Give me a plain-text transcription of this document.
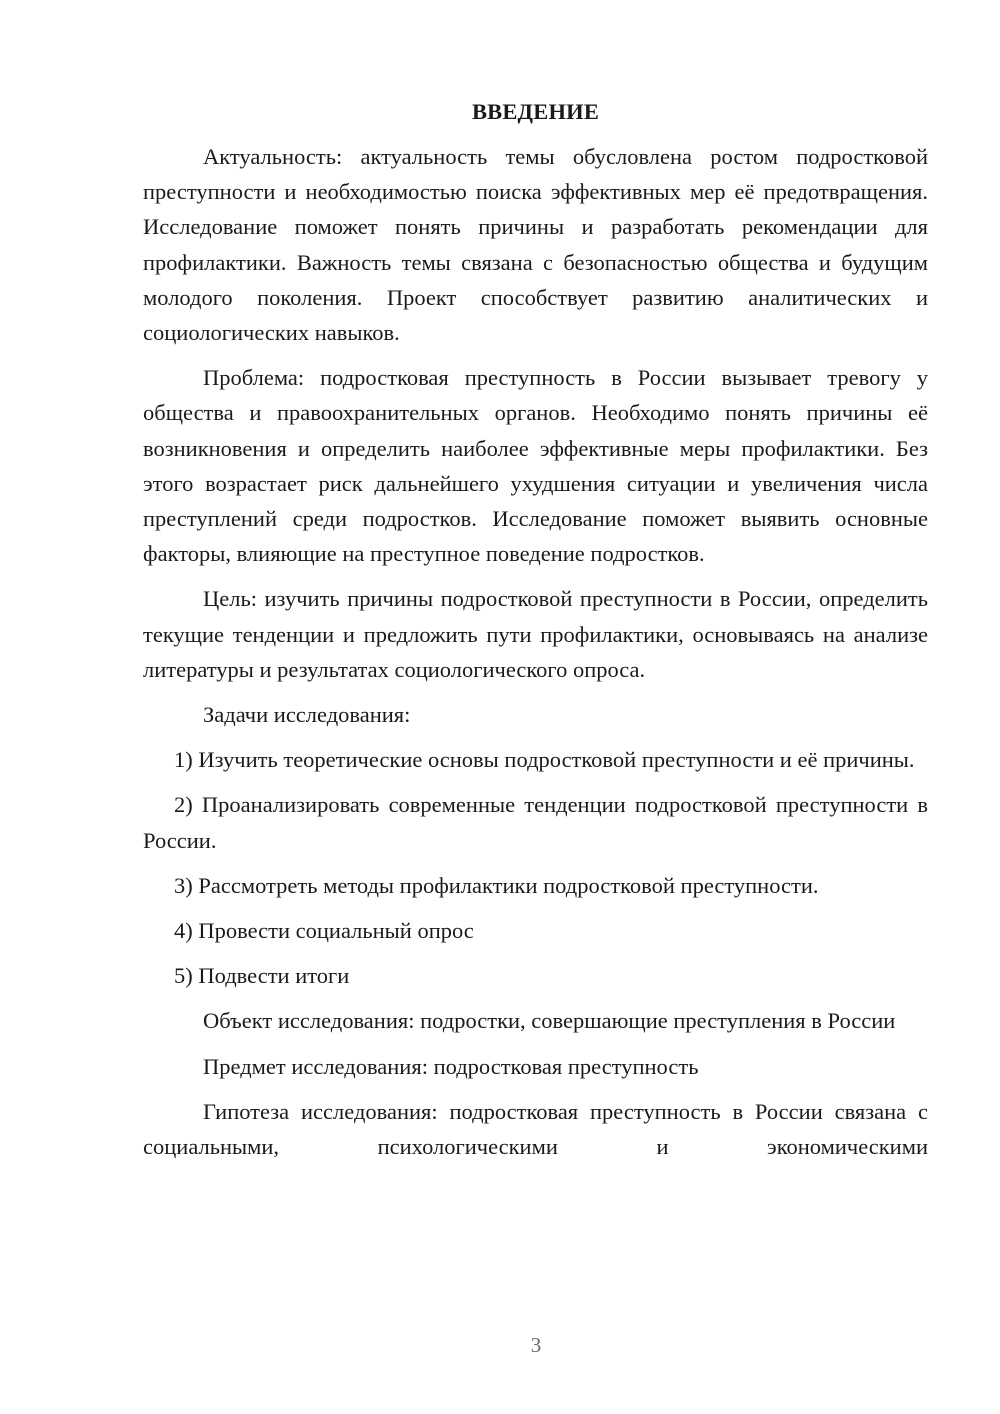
ВВЕДЕНИЕ

Актуальность: актуальность темы обусловлена ростом подростковой преступности и необходимостью поиска эффективных мер её предотвращения. Исследование поможет понять причины и разработать рекомендации для профилактики. Важность темы связана с безопасностью общества и будущим молодого поколения. Проект способствует развитию аналитических и социологических навыков.

Проблема: подростковая преступность в России вызывает тревогу у общества и правоохранительных органов. Необходимо понять причины её возникновения и определить наиболее эффективные меры профилактики. Без этого возрастает риск дальнейшего ухудшения ситуации и увеличения числа преступлений среди подростков. Исследование поможет выявить основные факторы, влияющие на преступное поведение подростков.

Цель: изучить причины подростковой преступности в России, определить текущие тенденции и предложить пути профилактики, основываясь на анализе литературы и результатах социологического опроса.

Задачи исследования:

1) Изучить теоретические основы подростковой преступности и её причины.

2) Проанализировать современные тенденции подростковой преступности в России.

3) Рассмотреть методы профилактики подростковой преступности.

4) Провести социальный опрос

5) Подвести итоги

Объект исследования: подростки, совершающие преступления в России

Предмет исследования: подростковая преступность

Гипотеза исследования: подростковая преступность в России связана с социальными, психологическими и экономическими

3
